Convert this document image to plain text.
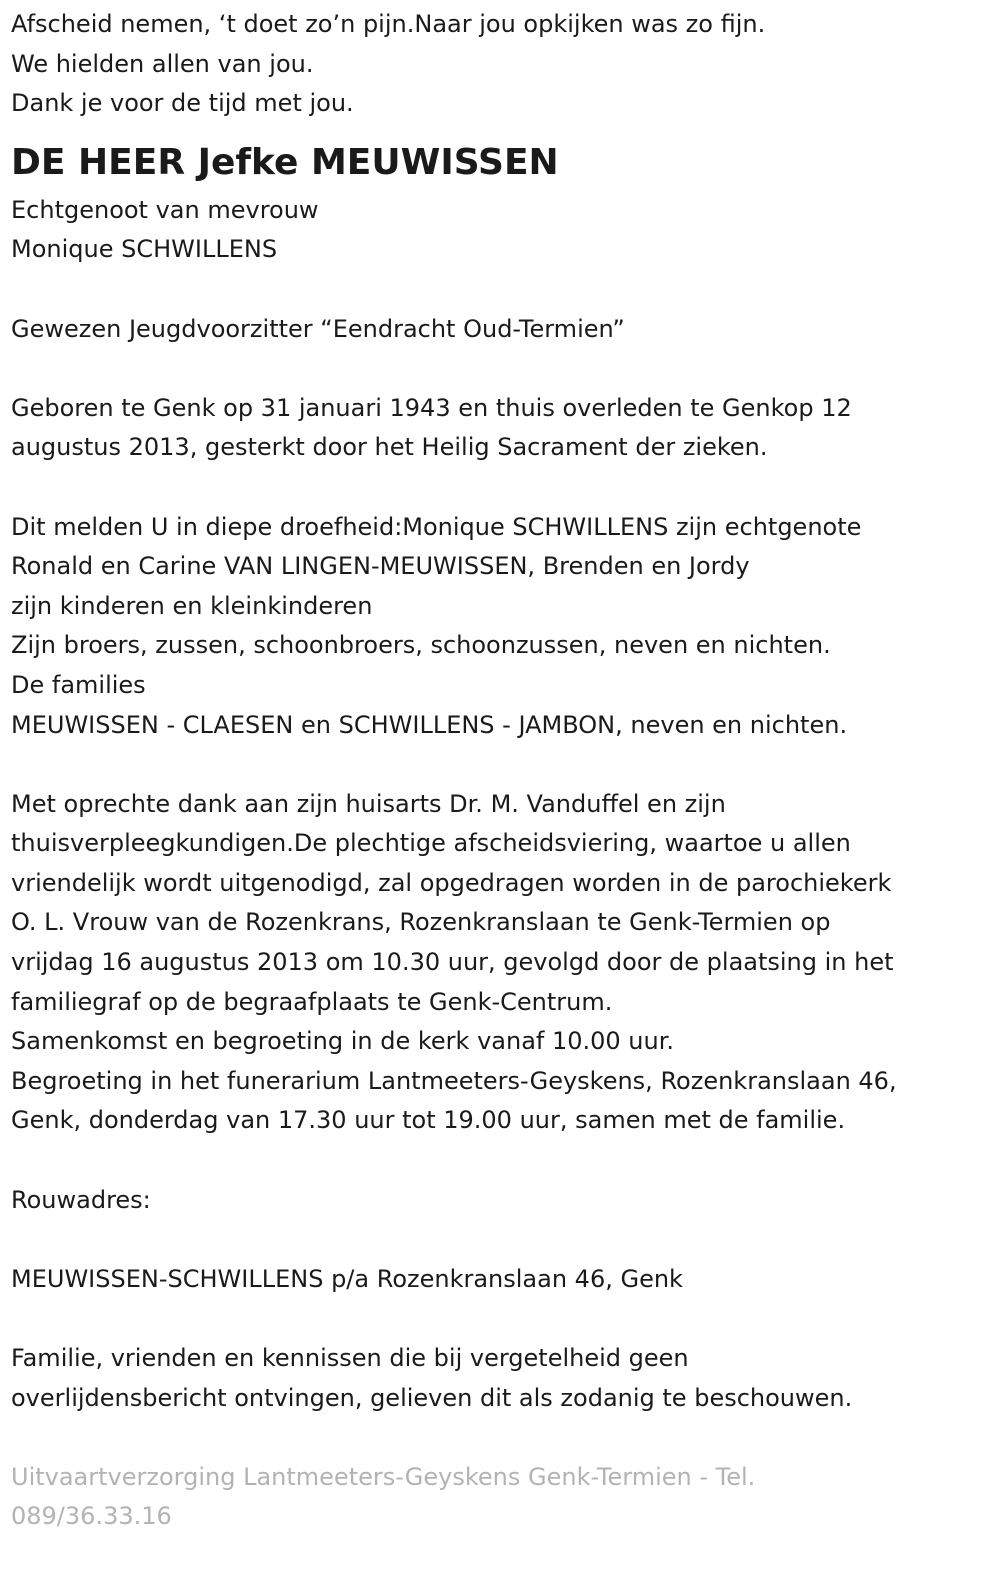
Afscheid nemen, ‘t doet zo’n pijn.Naar jou opkijken was zo fijn.

We hielden allen van jou.

Dank je voor de tijd met jou.

DE HEER Jefke MEUWISSEN

Echtgenoot van mevrouw

Monique SCHWILLENS

Gewezen Jeugdvoorzitter “Eendracht Oud-Termien”

Geboren te Genk op 31 januari 1943 en thuis overleden te Genkop 12

augustus 2013, gesterkt door het Heilig Sacrament der zieken.

Dit melden U in diepe droefheid:Monique SCHWILLENS zijn echtgenote

Ronald en Carine VAN LINGEN-MEUWISSEN, Brenden en Jordy

zijn kinderen en kleinkinderen

Zijn broers, zussen, schoonbroers, schoonzussen, neven en nichten.

De families

MEUWISSEN - CLAESEN en SCHWILLENS - JAMBON, neven en nichten.

Met oprechte dank aan zijn huisarts Dr. M. Vanduffel en zijn

thuisverpleegkundigen.De plechtige afscheidsviering, waartoe u allen

vriendelijk wordt uitgenodigd, zal opgedragen worden in de parochiekerk

O. L. Vrouw van de Rozenkrans, Rozenkranslaan te Genk-Termien op

vrijdag 16 augustus 2013 om 10.30 uur, gevolgd door de plaatsing in het

familiegraf op de begraafplaats te Genk-Centrum.

Samenkomst en begroeting in de kerk vanaf 10.00 uur.

Begroeting in het funerarium Lantmeeters-Geyskens, Rozenkranslaan 46,

Genk, donderdag van 17.30 uur tot 19.00 uur, samen met de familie.

Rouwadres:

MEUWISSEN-SCHWILLENS p/a Rozenkranslaan 46, Genk

Familie, vrienden en kennissen die bij vergetelheid geen

overlijdensbericht ontvingen, gelieven dit als zodanig te beschouwen.

Uitvaartverzorging Lantmeeters-Geyskens Genk-Termien - Tel.

089/36.33.16
